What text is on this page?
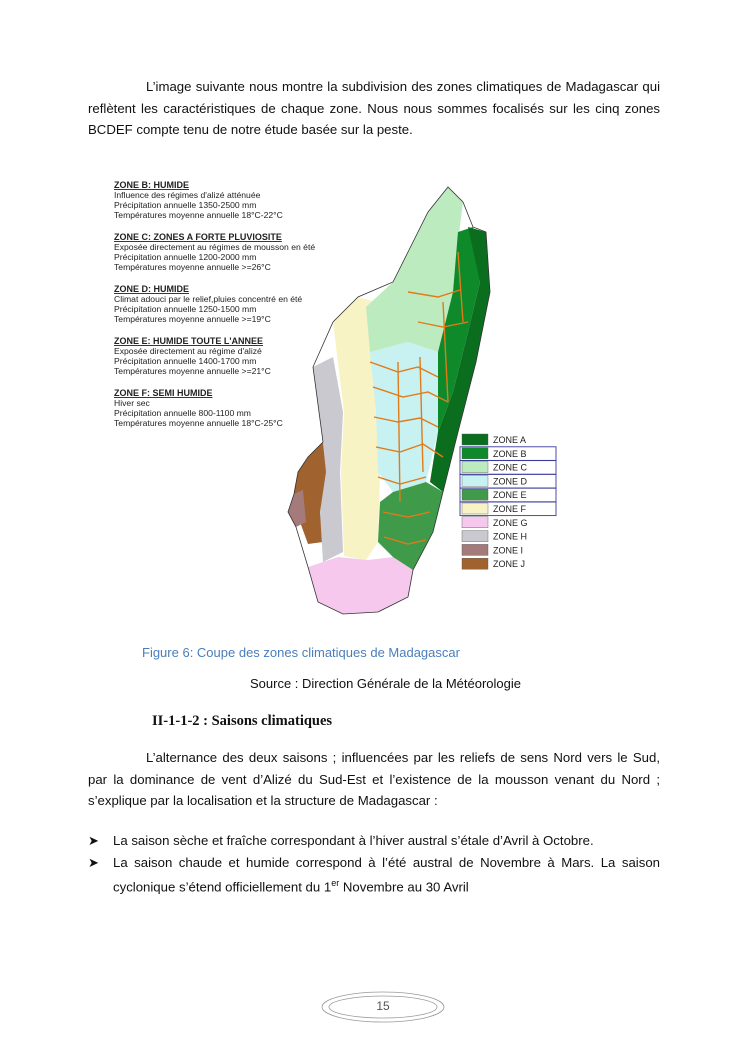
L’image suivante nous montre la subdivision des zones climatiques de Madagascar qui reflètent les caractéristiques de chaque zone. Nous nous sommes focalisés sur les cinq zones BCDEF compte tenu de notre étude basée sur la peste.

ZONE B: HUMIDE
Influence des régimes d'alizé atténuée
Précipitation annuelle 1350-2500 mm
Températures moyenne annuelle 18°C-22°C
ZONE C: ZONES A FORTE PLUVIOSITE
Exposée directement au régimes de mousson en été
Précipitation annuelle 1200-2000 mm
Températures moyenne annuelle >=26°C
ZONE D: HUMIDE
Climat adouci par le relief,pluies concentré en été
Précipitation annuelle 1250-1500 mm
Températures moyenne annuelle >=19°C
ZONE E: HUMIDE TOUTE L'ANNEE
Exposée directement au régime d'alizé
Précipitation annuelle 1400-1700 mm
Températures moyenne annuelle >=21°C
ZONE F: SEMI HUMIDE
Hiver sec
Précipitation annuelle 800-1100 mm
Températures moyenne annuelle 18°C-25°C
ZONE A
ZONE B
ZONE C
ZONE D
ZONE E
ZONE F
ZONE G
ZONE H
ZONE I
ZONE J
Figure 6: Coupe des zones climatiques de Madagascar
Source : Direction Générale de la Météorologie
II-1-1-2 : Saisons climatiques

L’alternance des deux saisons ; influencées par les reliefs de sens Nord vers le Sud, par la dominance de vent d’Alizé du Sud-Est et l’existence de la mousson venant du Nord ; s’explique par la localisation et la structure de Madagascar :

➤	La saison sèche et fraîche correspondant à l’hiver austral s’étale d’Avril à Octobre.
➤	La saison chaude et humide correspond à l’été austral de Novembre à Mars. La saison cyclonique s’étend officiellement du 1er Novembre au 30 Avril
15
